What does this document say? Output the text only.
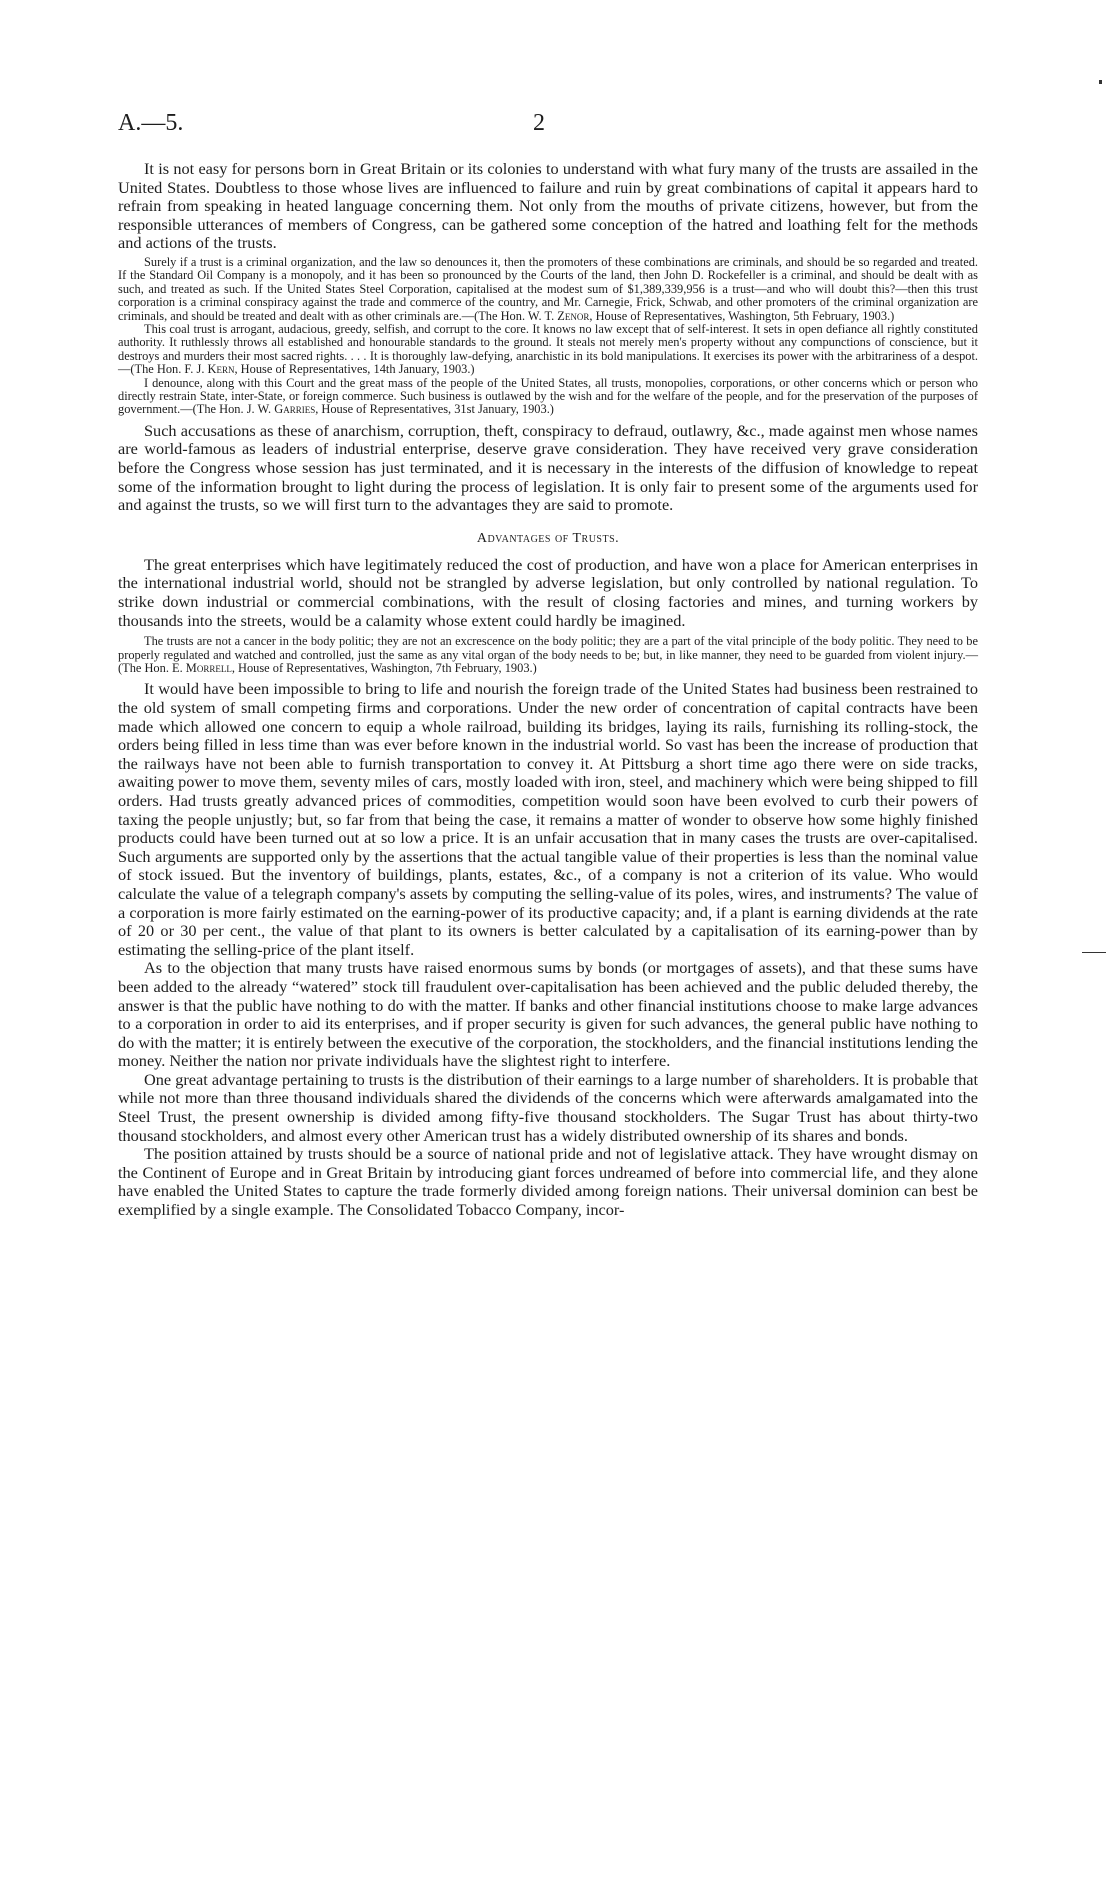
A.—5.	2

It is not easy for persons born in Great Britain or its colonies to understand with what fury many of the trusts are assailed in the United States. Doubtless to those whose lives are influenced to failure and ruin by great combinations of capital it appears hard to refrain from speaking in heated language concerning them. Not only from the mouths of private citizens, however, but from the responsible utterances of members of Congress, can be gathered some conception of the hatred and loathing felt for the methods and actions of the trusts.

Surely if a trust is a criminal organization, and the law so denounces it, then the promoters of these combinations are criminals, and should be so regarded and treated. If the Standard Oil Company is a monopoly, and it has been so pronounced by the Courts of the land, then John D. Rockefeller is a criminal, and should be dealt with as such, and treated as such. If the United States Steel Corporation, capitalised at the modest sum of $1,389,339,956 is a trust—and who will doubt this?—then this trust corporation is a criminal conspiracy against the trade and commerce of the country, and Mr. Carnegie, Frick, Schwab, and other promoters of the criminal organization are criminals, and should be treated and dealt with as other criminals are.—(The Hon. W. T. Zenor, House of Representatives, Washington, 5th February, 1903.)

This coal trust is arrogant, audacious, greedy, selfish, and corrupt to the core. It knows no law except that of self-interest. It sets in open defiance all rightly constituted authority. It ruthlessly throws all established and honourable standards to the ground. It steals not merely men's property without any compunctions of conscience, but it destroys and murders their most sacred rights. . . . It is thoroughly law-defying, anarchistic in its bold manipulations. It exercises its power with the arbitrariness of a despot.—(The Hon. F. J. Kern, House of Representatives, 14th January, 1903.)

I denounce, along with this Court and the great mass of the people of the United States, all trusts, monopolies, corporations, or other concerns which or person who directly restrain State, inter-State, or foreign commerce. Such business is outlawed by the wish and for the welfare of the people, and for the preservation of the purposes of government.—(The Hon. J. W. Garries, House of Representatives, 31st January, 1903.)

Such accusations as these of anarchism, corruption, theft, conspiracy to defraud, outlawry, &c., made against men whose names are world-famous as leaders of industrial enterprise, deserve grave consideration. They have received very grave consideration before the Congress whose session has just terminated, and it is necessary in the interests of the diffusion of knowledge to repeat some of the information brought to light during the process of legislation. It is only fair to present some of the arguments used for and against the trusts, so we will first turn to the advantages they are said to promote.

Advantages of Trusts.

The great enterprises which have legitimately reduced the cost of production, and have won a place for American enterprises in the international industrial world, should not be strangled by adverse legislation, but only controlled by national regulation. To strike down industrial or commercial combinations, with the result of closing factories and mines, and turning workers by thousands into the streets, would be a calamity whose extent could hardly be imagined.

The trusts are not a cancer in the body politic; they are not an excrescence on the body politic; they are a part of the vital principle of the body politic. They need to be properly regulated and watched and controlled, just the same as any vital organ of the body needs to be; but, in like manner, they need to be guarded from violent injury.—(The Hon. E. Morrell, House of Representatives, Washington, 7th February, 1903.)

It would have been impossible to bring to life and nourish the foreign trade of the United States had business been restrained to the old system of small competing firms and corporations. Under the new order of concentration of capital contracts have been made which allowed one concern to equip a whole railroad, building its bridges, laying its rails, furnishing its rolling-stock, the orders being filled in less time than was ever before known in the industrial world. So vast has been the increase of production that the railways have not been able to furnish transportation to convey it. At Pittsburg a short time ago there were on side tracks, awaiting power to move them, seventy miles of cars, mostly loaded with iron, steel, and machinery which were being shipped to fill orders. Had trusts greatly advanced prices of commodities, competition would soon have been evolved to curb their powers of taxing the people unjustly; but, so far from that being the case, it remains a matter of wonder to observe how some highly finished products could have been turned out at so low a price. It is an unfair accusation that in many cases the trusts are over-capitalised. Such arguments are supported only by the assertions that the actual tangible value of their properties is less than the nominal value of stock issued. But the inventory of buildings, plants, estates, &c., of a company is not a criterion of its value. Who would calculate the value of a telegraph company's assets by computing the selling-value of its poles, wires, and instruments? The value of a corporation is more fairly estimated on the earning-power of its productive capacity; and, if a plant is earning dividends at the rate of 20 or 30 per cent., the value of that plant to its owners is better calculated by a capitalisation of its earning-power than by estimating the selling-price of the plant itself.

As to the objection that many trusts have raised enormous sums by bonds (or mortgages of assets), and that these sums have been added to the already “watered” stock till fraudulent over-capitalisation has been achieved and the public deluded thereby, the answer is that the public have nothing to do with the matter. If banks and other financial institutions choose to make large advances to a corporation in order to aid its enterprises, and if proper security is given for such advances, the general public have nothing to do with the matter; it is entirely between the executive of the corporation, the stockholders, and the financial institutions lending the money. Neither the nation nor private individuals have the slightest right to interfere.

One great advantage pertaining to trusts is the distribution of their earnings to a large number of shareholders. It is probable that while not more than three thousand individuals shared the dividends of the concerns which were afterwards amalgamated into the Steel Trust, the present ownership is divided among fifty-five thousand stockholders. The Sugar Trust has about thirty-two thousand stockholders, and almost every other American trust has a widely distributed ownership of its shares and bonds.

The position attained by trusts should be a source of national pride and not of legislative attack. They have wrought dismay on the Continent of Europe and in Great Britain by introducing giant forces undreamed of before into commercial life, and they alone have enabled the United States to capture the trade formerly divided among foreign nations. Their universal dominion can best be exemplified by a single example. The Consolidated Tobacco Company, incor-
